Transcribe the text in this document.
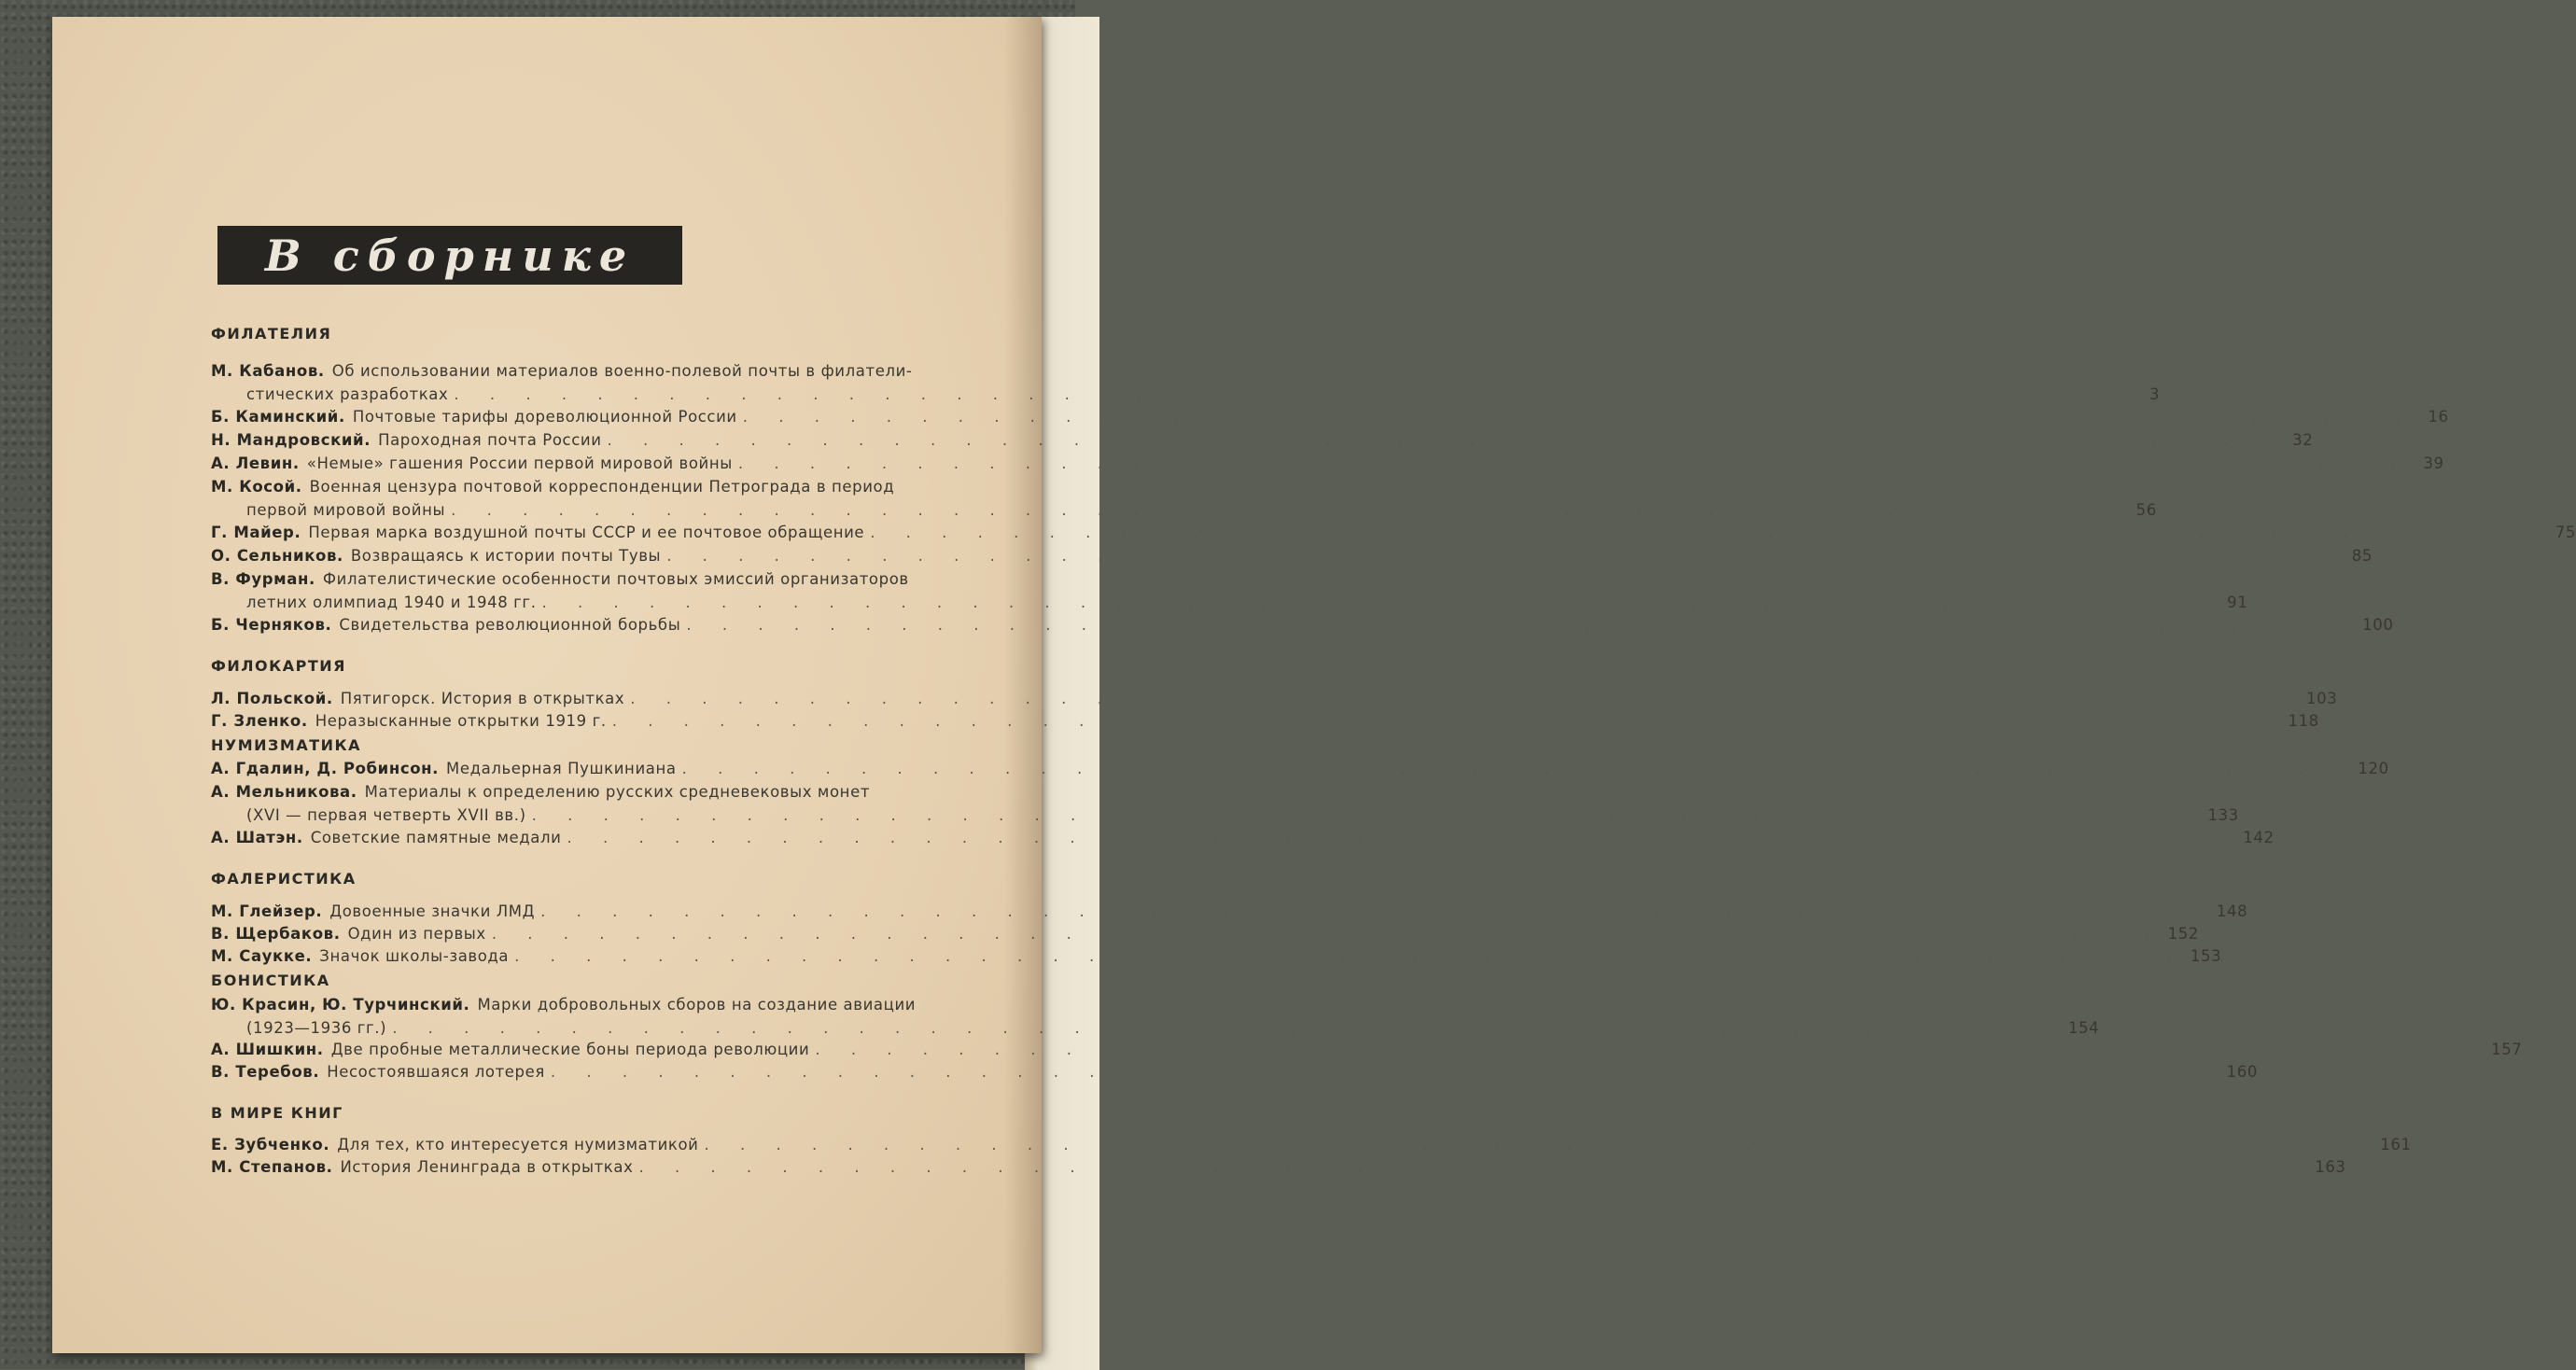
В сборнике
ФИЛАТЕЛИЯ
М. Кабанов. Об использовании материалов военно-полевой почты в филатели-
стических разработках . . .	3
Б. Каминский. Почтовые тарифы дореволюционной России . . .	16
Н. Мандровский. Пароходная почта России . . .	32
А. Левин. «Немые» гашения России первой мировой войны . . .	39
М. Косой. Военная цензура почтовой корреспонденции Петрограда в период
первой мировой войны . . .	56
Г. Майер. Первая марка воздушной почты СССР и ее почтовое обращение . . .	75
О. Сельников. Возвращаясь к истории почты Тувы . . .	85
В. Фурман. Филателистические особенности почтовых эмиссий организаторов
летних олимпиад 1940 и 1948 гг. . . .	91
Б. Черняков. Свидетельства революционной борьбы . . .	100
ФИЛОКАРТИЯ
Л. Польской. Пятигорск. История в открытках . . .	103
Г. Зленко. Неразысканные открытки 1919 г. . . .	118
НУМИЗМАТИКА
А. Гдалин, Д. Робинсон. Медальерная Пушкиниана . . .	120
А. Мельникова. Материалы к определению русских средневековых монет
(XVI — первая четверть XVII вв.) . . .	133
А. Шатэн. Советские памятные медали . . .	142
ФАЛЕРИСТИКА
М. Глейзер. Довоенные значки ЛМД . . .	148
В. Щербаков. Один из первых . . .	152
М. Саукке. Значок школы-завода . . .	153
БОНИСТИКА
Ю. Красин, Ю. Турчинский. Марки добровольных сборов на создание авиации
(1923—1936 гг.) . . .	154
А. Шишкин. Две пробные металлические боны периода революции . . .	157
В. Теребов. Несостоявшаяся лотерея . . .	160
В МИРЕ КНИГ
Е. Зубченко. Для тех, кто интересуется нумизматикой . . .	161
М. Степанов. История Ленинграда в открытках . . .	163
